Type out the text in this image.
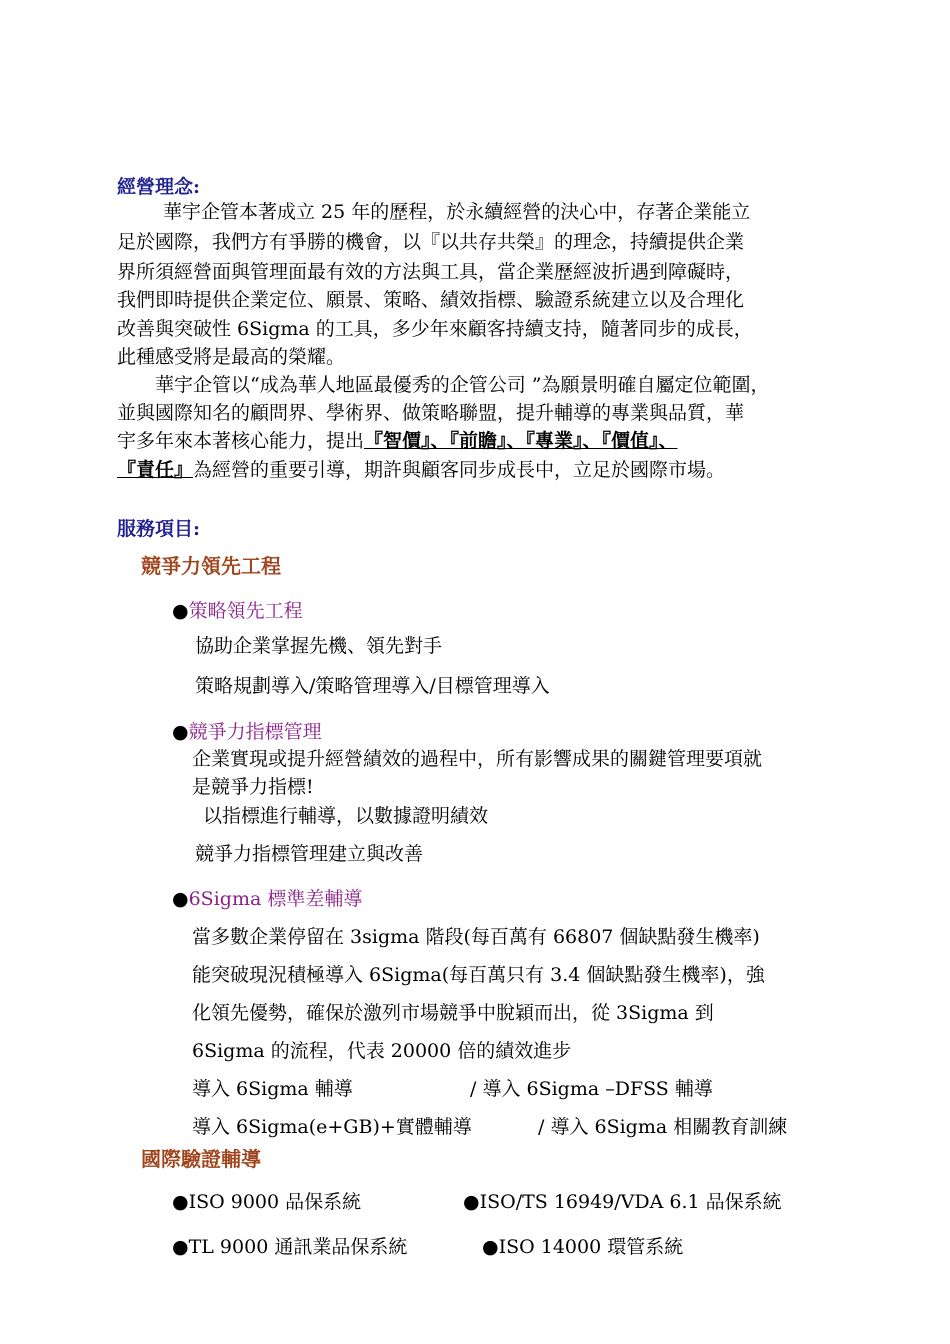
經營理念:
華宇企管本著成立 25 年的歷程，於永續經營的決心中，存著企業能立
足於國際，我們方有爭勝的機會，以『以共存共榮』的理念，持續提供企業
界所須經營面與管理面最有效的方法與工具，當企業歷經波折遇到障礙時，
我們即時提供企業定位、願景、策略、績效指標、驗證系統建立以及合理化
改善與突破性 6Sigma 的工具，多少年來顧客持續支持，隨著同步的成長，
此種感受將是最高的榮耀。
華宇企管以“成為華人地區最優秀的企管公司 ”為願景明確自屬定位範圍，
並與國際知名的顧問界、學術界、做策略聯盟，提升輔導的專業與品質，華
宇多年來本著核心能力，提出『智價』、『前瞻』、『專業』、『價值』、
『責任』為經營的重要引導，期許與顧客同步成長中，立足於國際市場。
服務項目:
競爭力領先工程
●策略領先工程
協助企業掌握先機、領先對手
策略規劃導入/策略管理導入/目標管理導入
●競爭力指標管理
企業實現或提升經營績效的過程中，所有影響成果的關鍵管理要項就
是競爭力指標!
以指標進行輔導，以數據證明績效
競爭力指標管理建立與改善
●6Sigma 標準差輔導
當多數企業停留在 3sigma 階段(每百萬有 66807 個缺點發生機率)
能突破現況積極導入 6Sigma(每百萬只有 3.4 個缺點發生機率)，強
化領先優勢，確保於激列市場競爭中脫穎而出，從 3Sigma 到
6Sigma 的流程，代表 20000 倍的績效進步
導入 6Sigma 輔導	/ 導入 6Sigma –DFSS 輔導
導入 6Sigma(e+GB)+實體輔導	/ 導入 6Sigma 相關教育訓練
國際驗證輔導
●ISO 9000 品保系統	●ISO/TS 16949/VDA 6.1 品保系統
●TL 9000 通訊業品保系統	●ISO 14000 環管系統
